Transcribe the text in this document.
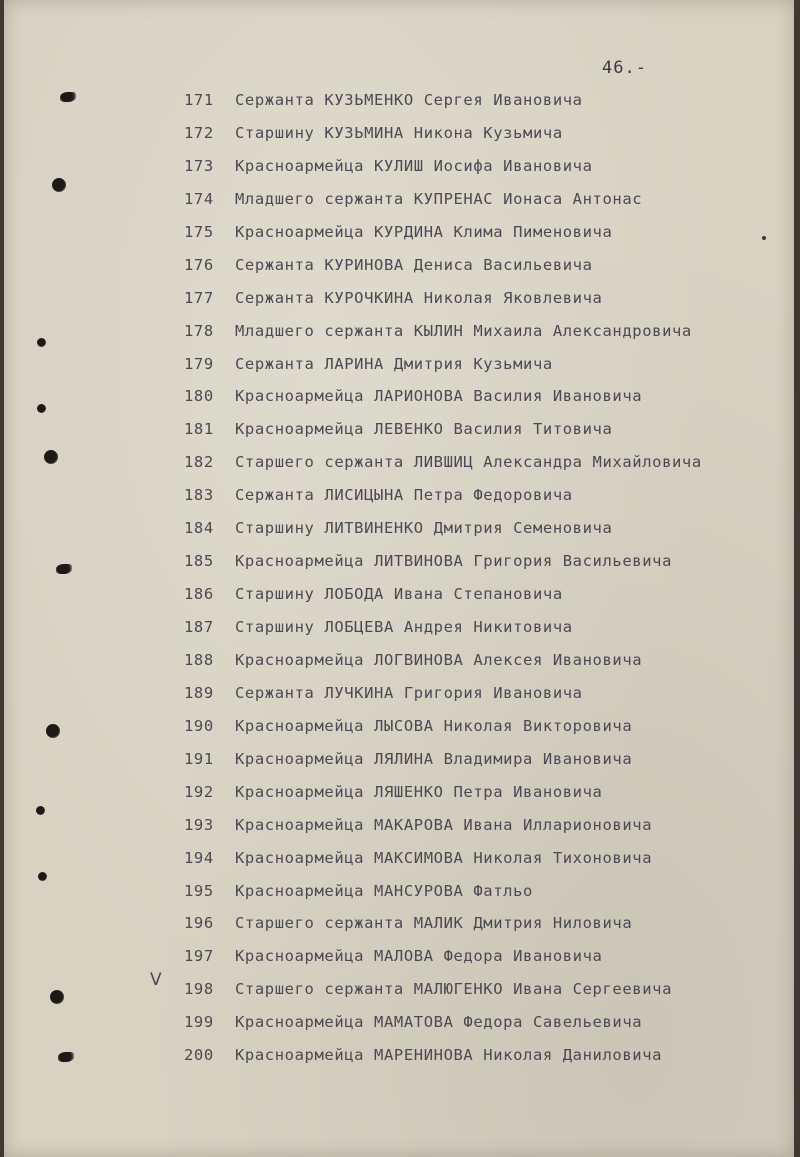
46.-
171	Сержанта КУЗЬМЕНКО Сергея Ивановича
172	Старшину КУЗЬМИНА Никона Кузьмича
173	Красноармейца КУЛИШ Иосифа Ивановича
174	Младшего сержанта КУПРЕНАС Ионаса Антонас
175	Красноармейца КУРДИНА Клима Пименовича
176	Сержанта КУРИНОВА Дениса Васильевича
177	Сержанта КУРОЧКИНА Николая Яковлевича
178	Младшего сержанта КЫЛИН Михаила Александровича
179	Сержанта ЛАРИНА Дмитрия Кузьмича
180	Красноармейца ЛАРИОНОВА Василия Ивановича
181	Красноармейца ЛЕВЕНКО Василия Титовича
182	Старшего сержанта ЛИВШИЦ Александра Михайловича
183	Сержанта ЛИСИЦЫНА Петра Федоровича
184	Старшину ЛИТВИНЕНКО Дмитрия Семеновича
185	Красноармейца ЛИТВИНОВА Григория Васильевича
186	Старшину ЛОБОДА Ивана Степановича
187	Старшину ЛОБЦЕВА Андрея Никитовича
188	Красноармейца ЛОГВИНОВА Алексея Ивановича
189	Сержанта ЛУЧКИНА Григория Ивановича
190	Красноармейца ЛЫСОВА Николая Викторовича
191	Красноармейца ЛЯЛИНА Владимира Ивановича
192	Красноармейца ЛЯШЕНКО Петра Ивановича
193	Красноармейца МАКАРОВА Ивана Илларионовича
194	Красноармейца МАКСИМОВА Николая Тихоновича
195	Красноармейца МАНСУРОВА Фатльо
196	Старшего сержанта МАЛИК Дмитрия Ниловича
197	Красноармейца МАЛОВА Федора Ивановича
198	Старшего сержанта МАЛЮГЕНКО Ивана Сергеевича
199	Красноармейца МАМАТОВА Федора Савельевича
200	Красноармейца МАРЕНИНОВА Николая Даниловича
V
